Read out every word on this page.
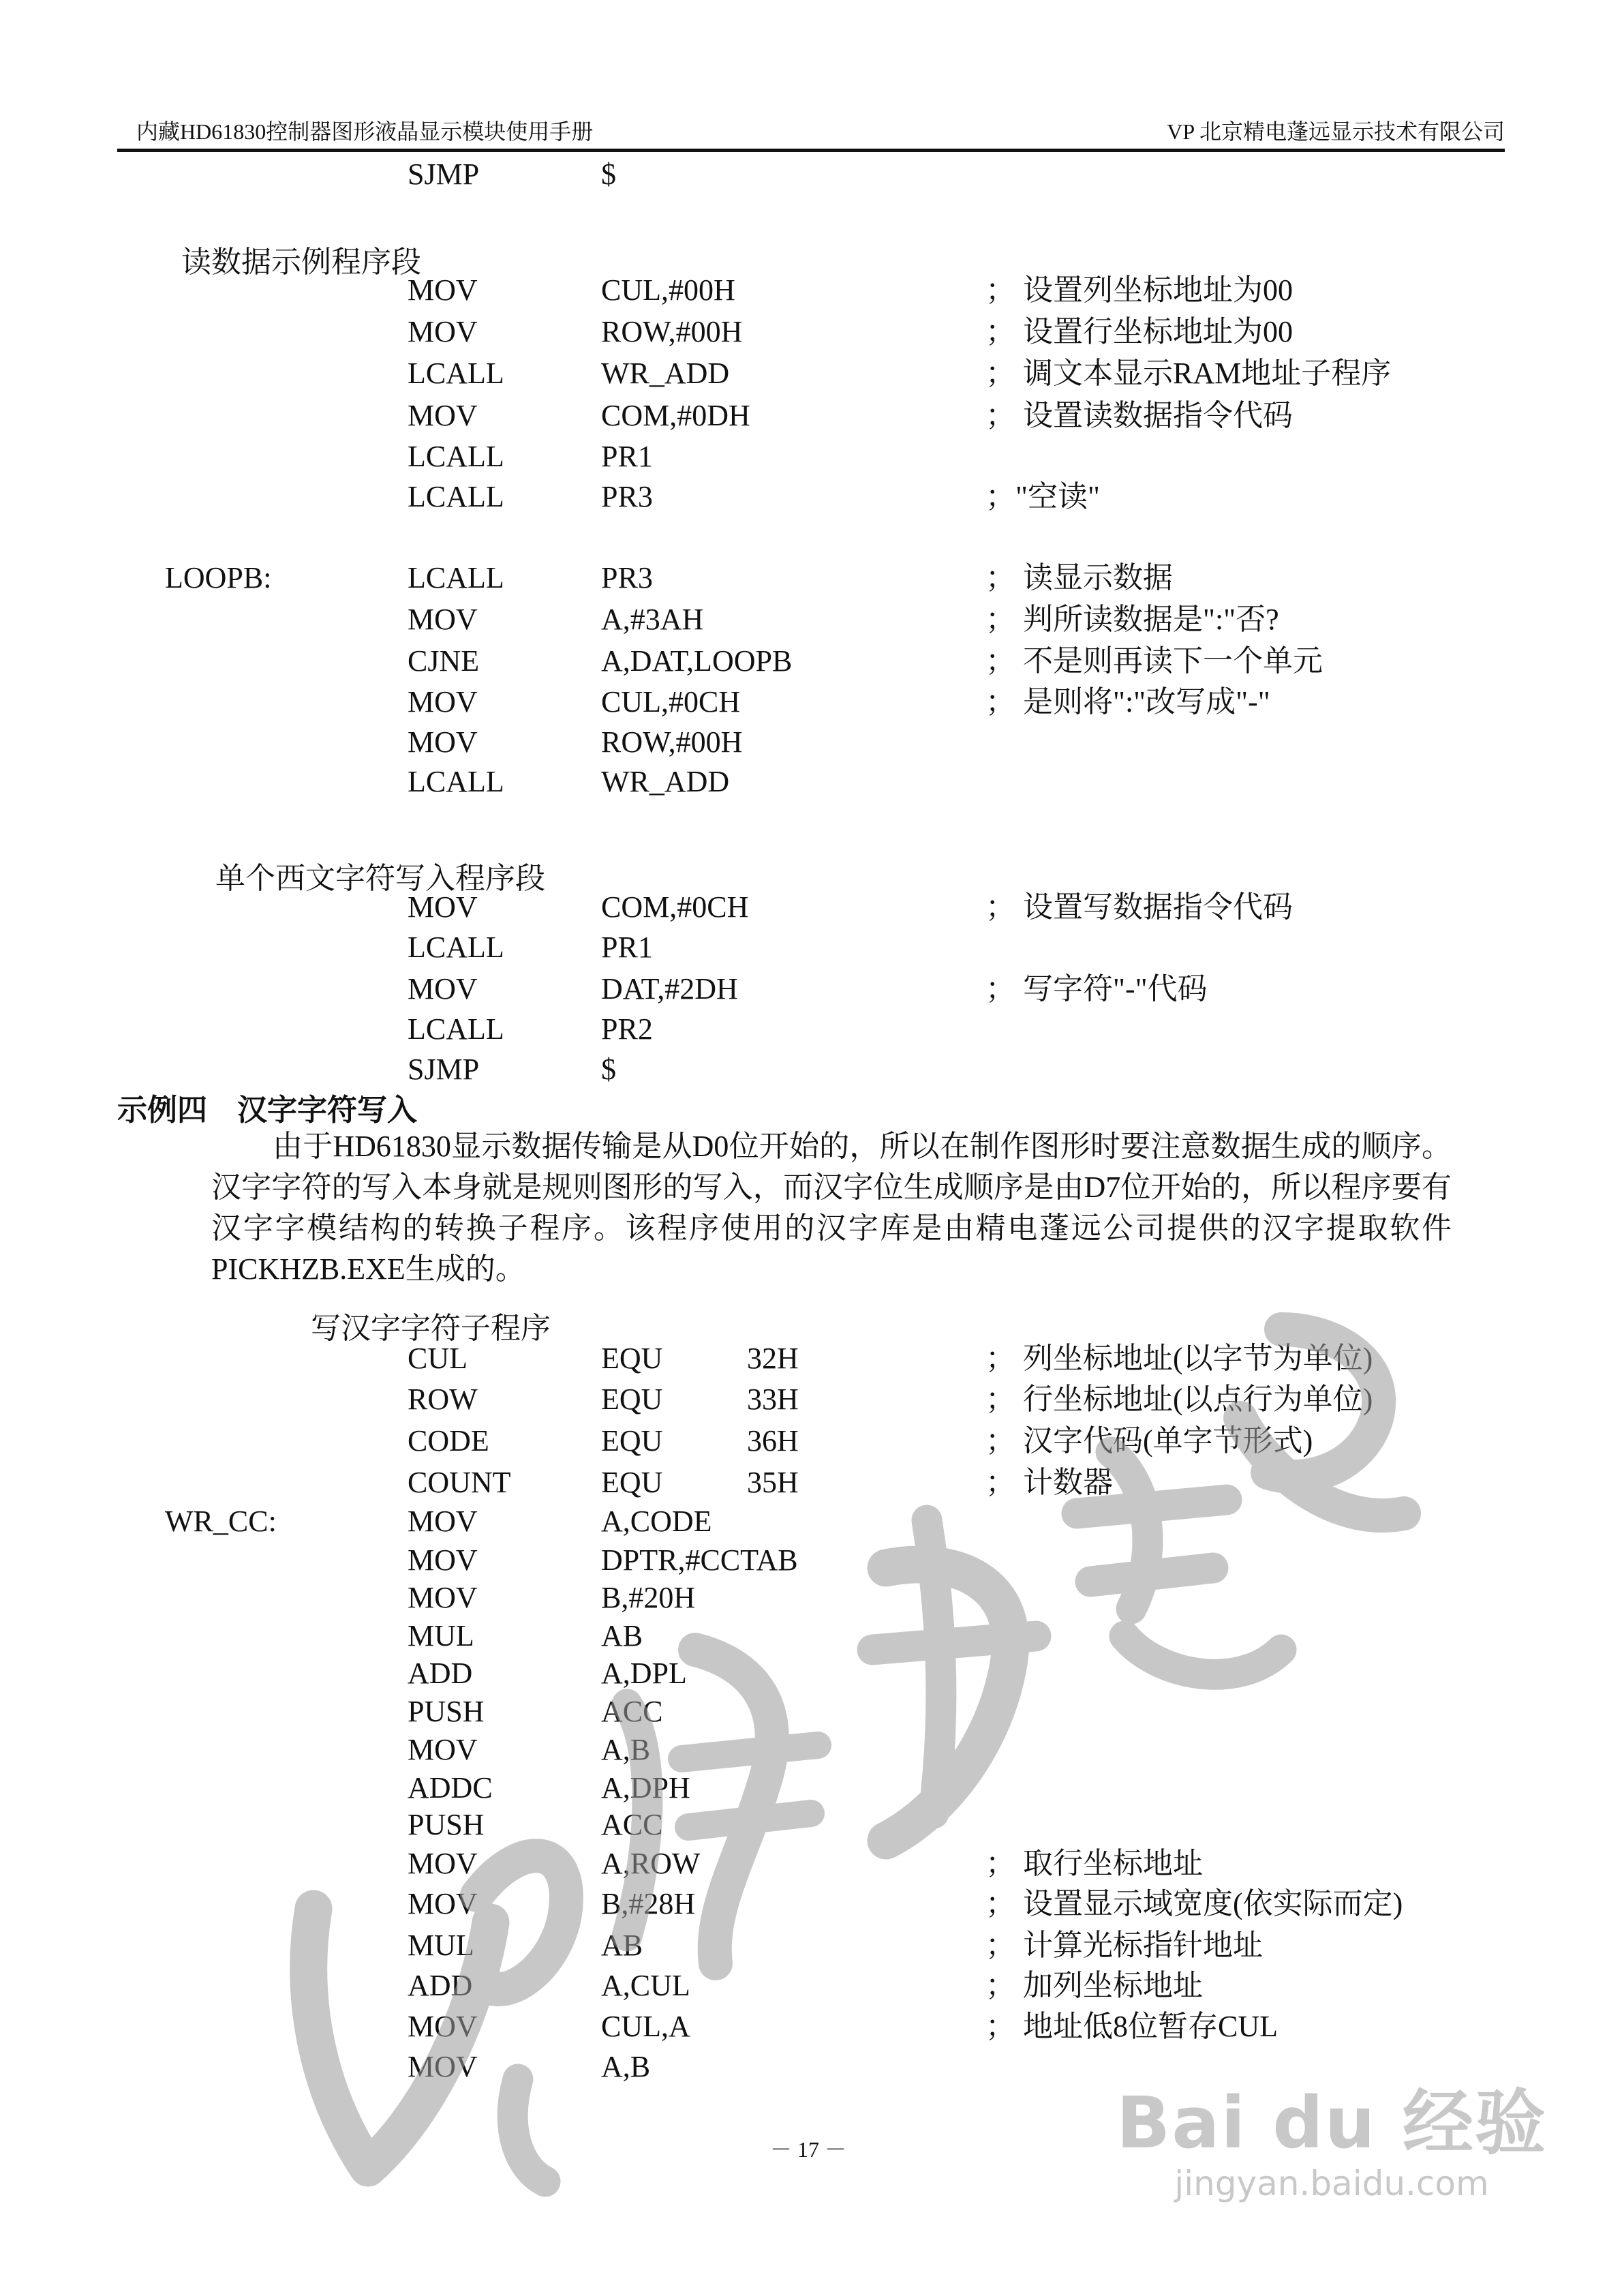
内藏HD61830控制器图形液晶显示模块使用手册	VP 北京精电蓬远显示技术有限公司
SJMP	$
MOV	CUL,#00H	； 设置列坐标地址为00
MOV	ROW,#00H	； 设置行坐标地址为00
LCALL	WR_ADD	； 调文本显示RAM地址子程序
MOV	COM,#0DH	； 设置读数据指令代码
LCALL	PR1
LCALL	PR3	；"空读"
LOOPB:	LCALL	PR3	； 读显示数据
MOV	A,#3AH	； 判所读数据是":"否?
CJNE	A,DAT,LOOPB	； 不是则再读下一个单元
MOV	CUL,#0CH	； 是则将":"改写成"-"
MOV	ROW,#00H
LCALL	WR_ADD
MOV	COM,#0CH	； 设置写数据指令代码
LCALL	PR1
MOV	DAT,#2DH	； 写字符"-"代码
LCALL	PR2
SJMP	$
CUL	EQU	32H	； 列坐标地址(以字节为单位)
ROW	EQU	33H	； 行坐标地址(以点行为单位)
CODE	EQU	36H	； 汉字代码(单字节形式)
COUNT	EQU	35H	； 计数器
WR_CC:	MOV	A,CODE
MOV	DPTR,#CCTAB
MOV	B,#20H
MUL	AB
ADD	A,DPL
PUSH	ACC
MOV	A,B
ADDC	A,DPH
PUSH	ACC
MOV	A,ROW	； 取行坐标地址
MOV	B,#28H	； 设置显示域宽度(依实际而定)
MUL	AB	； 计算光标指针地址
ADD	A,CUL	； 加列坐标地址
MOV	CUL,A	； 地址低8位暂存CUL
MOV	A,B
读数据示例程序段
单个西文字符写入程序段
示例四　汉字字符写入
由于HD61830显示数据传输是从D0位开始的，所以在制作图形时要注意数据生成的顺序。汉字字符的写入本身就是规则图形的写入，而汉字位生成顺序是由D7位开始的，所以程序要有汉字字模结构的转换子程序。该程序使用的汉字库是由精电蓬远公司提供的汉字提取软件PICKHZB.EXE生成的。
写汉字字符子程序
－ 17 －	Bai du 经验
jingyan.baidu.com
